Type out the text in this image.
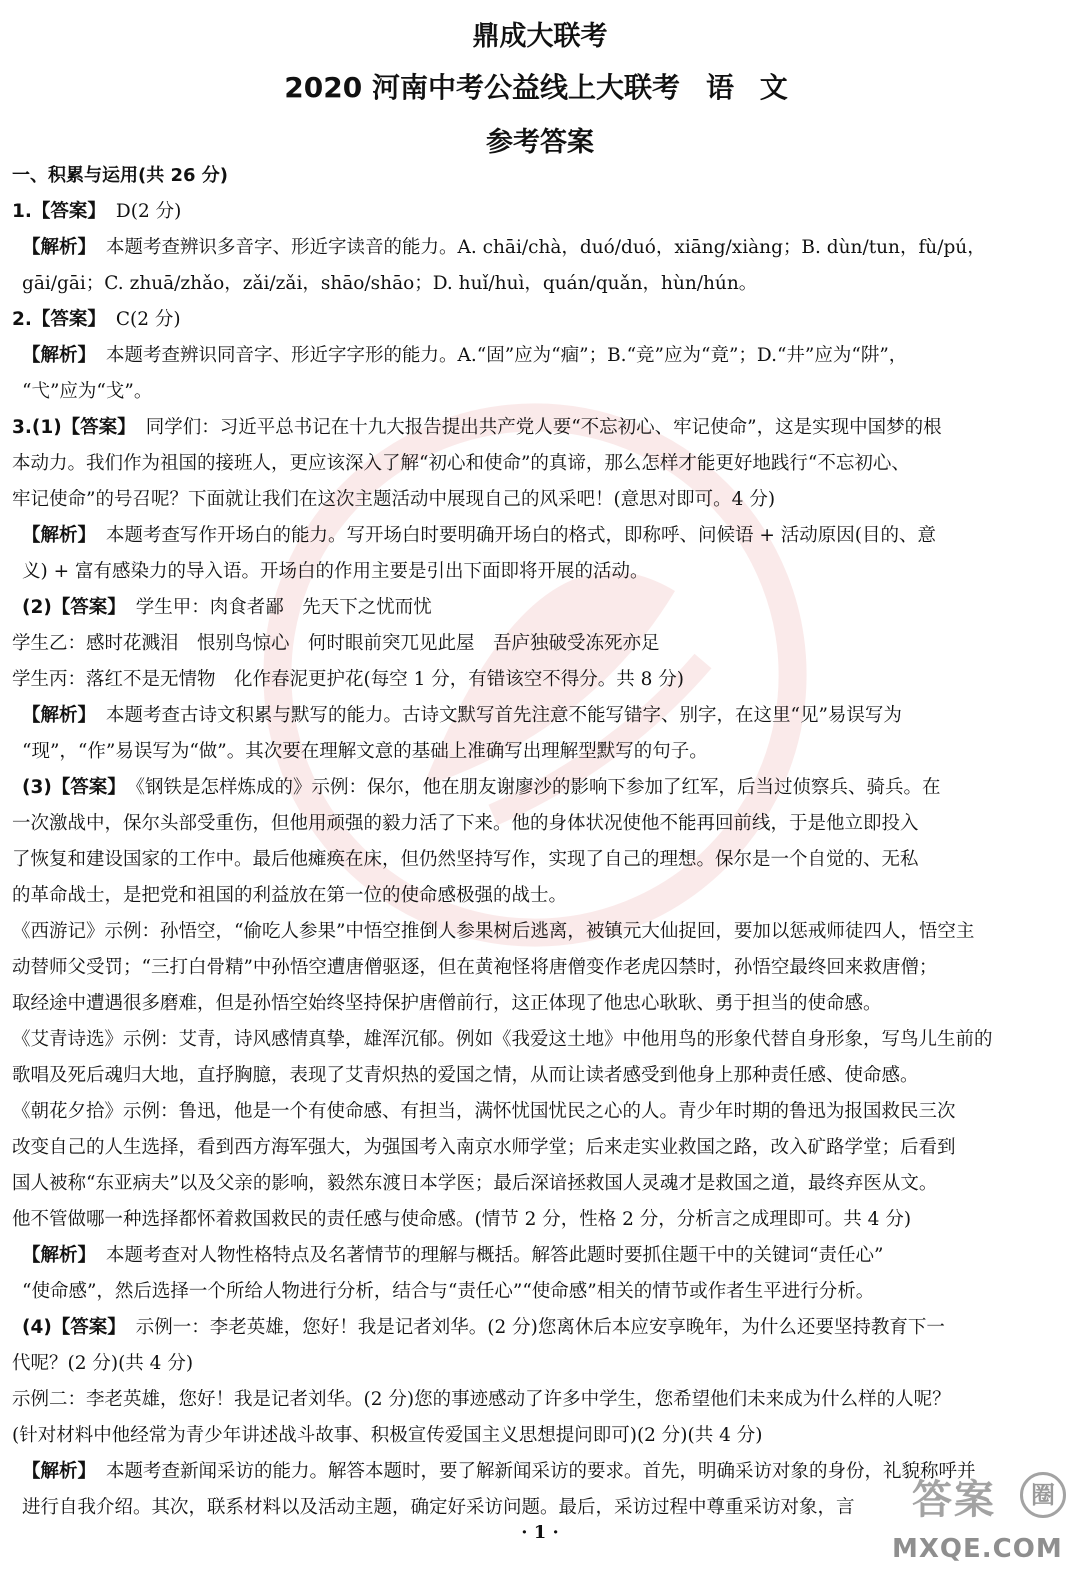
鼎成大联考
2020 河南中考公益线上大联考 语 文
参考答案
一、积累与运用(共 26 分)
1.【答案】 D(2 分)
【解析】 本题考查辨识多音字、形近字读音的能力。A. chāi/chà，duó/duó，xiāng/xiàng；B. dùn/tun，fù/pú，
gāi/gāi；C. zhuā/zhǎo，zǎi/zǎi，shāo/shāo；D. huǐ/huì，quán/quǎn，hùn/hún。
2.【答案】 C(2 分)
【解析】 本题考查辨识同音字、形近字字形的能力。A.“固”应为“痼”；B.“竞”应为“竟”；D.“井”应为“阱”，
“弋”应为“戈”。
3.(1)【答案】 同学们：习近平总书记在十九大报告提出共产党人要“不忘初心、牢记使命”，这是实现中国梦的根
本动力。我们作为祖国的接班人，更应该深入了解“初心和使命”的真谛，那么怎样才能更好地践行“不忘初心、
牢记使命”的号召呢？下面就让我们在这次主题活动中展现自己的风采吧！(意思对即可。4 分)
【解析】 本题考查写作开场白的能力。写开场白时要明确开场白的格式，即称呼、问候语 + 活动原因(目的、意
义) + 富有感染力的导入语。开场白的作用主要是引出下面即将开展的活动。
(2)【答案】 学生甲：肉食者鄙　先天下之忧而忧
学生乙：感时花溅泪　恨别鸟惊心　何时眼前突兀见此屋　吾庐独破受冻死亦足
学生丙：落红不是无情物　化作春泥更护花(每空 1 分，有错该空不得分。共 8 分)
【解析】 本题考查古诗文积累与默写的能力。古诗文默写首先注意不能写错字、别字，在这里“见”易误写为
“现”，“作”易误写为“做”。其次要在理解文意的基础上准确写出理解型默写的句子。
(3)【答案】 《钢铁是怎样炼成的》示例：保尔，他在朋友谢廖沙的影响下参加了红军，后当过侦察兵、骑兵。在
一次激战中，保尔头部受重伤，但他用顽强的毅力活了下来。他的身体状况使他不能再回前线，于是他立即投入
了恢复和建设国家的工作中。最后他瘫痪在床，但仍然坚持写作，实现了自己的理想。保尔是一个自觉的、无私
的革命战士，是把党和祖国的利益放在第一位的使命感极强的战士。
《西游记》示例：孙悟空，“偷吃人参果”中悟空推倒人参果树后逃离，被镇元大仙捉回，要加以惩戒师徒四人，悟空主
动替师父受罚；“三打白骨精”中孙悟空遭唐僧驱逐，但在黄袍怪将唐僧变作老虎囚禁时，孙悟空最终回来救唐僧；
取经途中遭遇很多磨难，但是孙悟空始终坚持保护唐僧前行，这正体现了他忠心耿耿、勇于担当的使命感。
《艾青诗选》示例：艾青，诗风感情真挚，雄浑沉郁。例如《我爱这土地》中他用鸟的形象代替自身形象，写鸟儿生前的
歌唱及死后魂归大地，直抒胸臆，表现了艾青炽热的爱国之情，从而让读者感受到他身上那种责任感、使命感。
《朝花夕拾》示例：鲁迅，他是一个有使命感、有担当，满怀忧国忧民之心的人。青少年时期的鲁迅为报国救民三次
改变自己的人生选择，看到西方海军强大，为强国考入南京水师学堂；后来走实业救国之路，改入矿路学堂；后看到
国人被称“东亚病夫”以及父亲的影响，毅然东渡日本学医；最后深谙拯救国人灵魂才是救国之道，最终弃医从文。
他不管做哪一种选择都怀着救国救民的责任感与使命感。(情节 2 分，性格 2 分，分析言之成理即可。共 4 分)
【解析】 本题考查对人物性格特点及名著情节的理解与概括。解答此题时要抓住题干中的关键词“责任心”
“使命感”，然后选择一个所给人物进行分析，结合与“责任心”“使命感”相关的情节或作者生平进行分析。
(4)【答案】 示例一：李老英雄，您好！我是记者刘华。(2 分)您离休后本应安享晚年，为什么还要坚持教育下一
代呢？(2 分)(共 4 分)
示例二：李老英雄，您好！我是记者刘华。(2 分)您的事迹感动了许多中学生，您希望他们未来成为什么样的人呢？
(针对材料中他经常为青少年讲述战斗故事、积极宣传爱国主义思想提问即可)(2 分)(共 4 分)
【解析】 本题考查新闻采访的能力。解答本题时，要了解新闻采访的要求。首先，明确采访对象的身份，礼貌称呼并
进行自我介绍。其次，联系材料以及活动主题，确定好采访问题。最后，采访过程中尊重采访对象，言
· 1 ·
答案	圈
MXQE.COM
